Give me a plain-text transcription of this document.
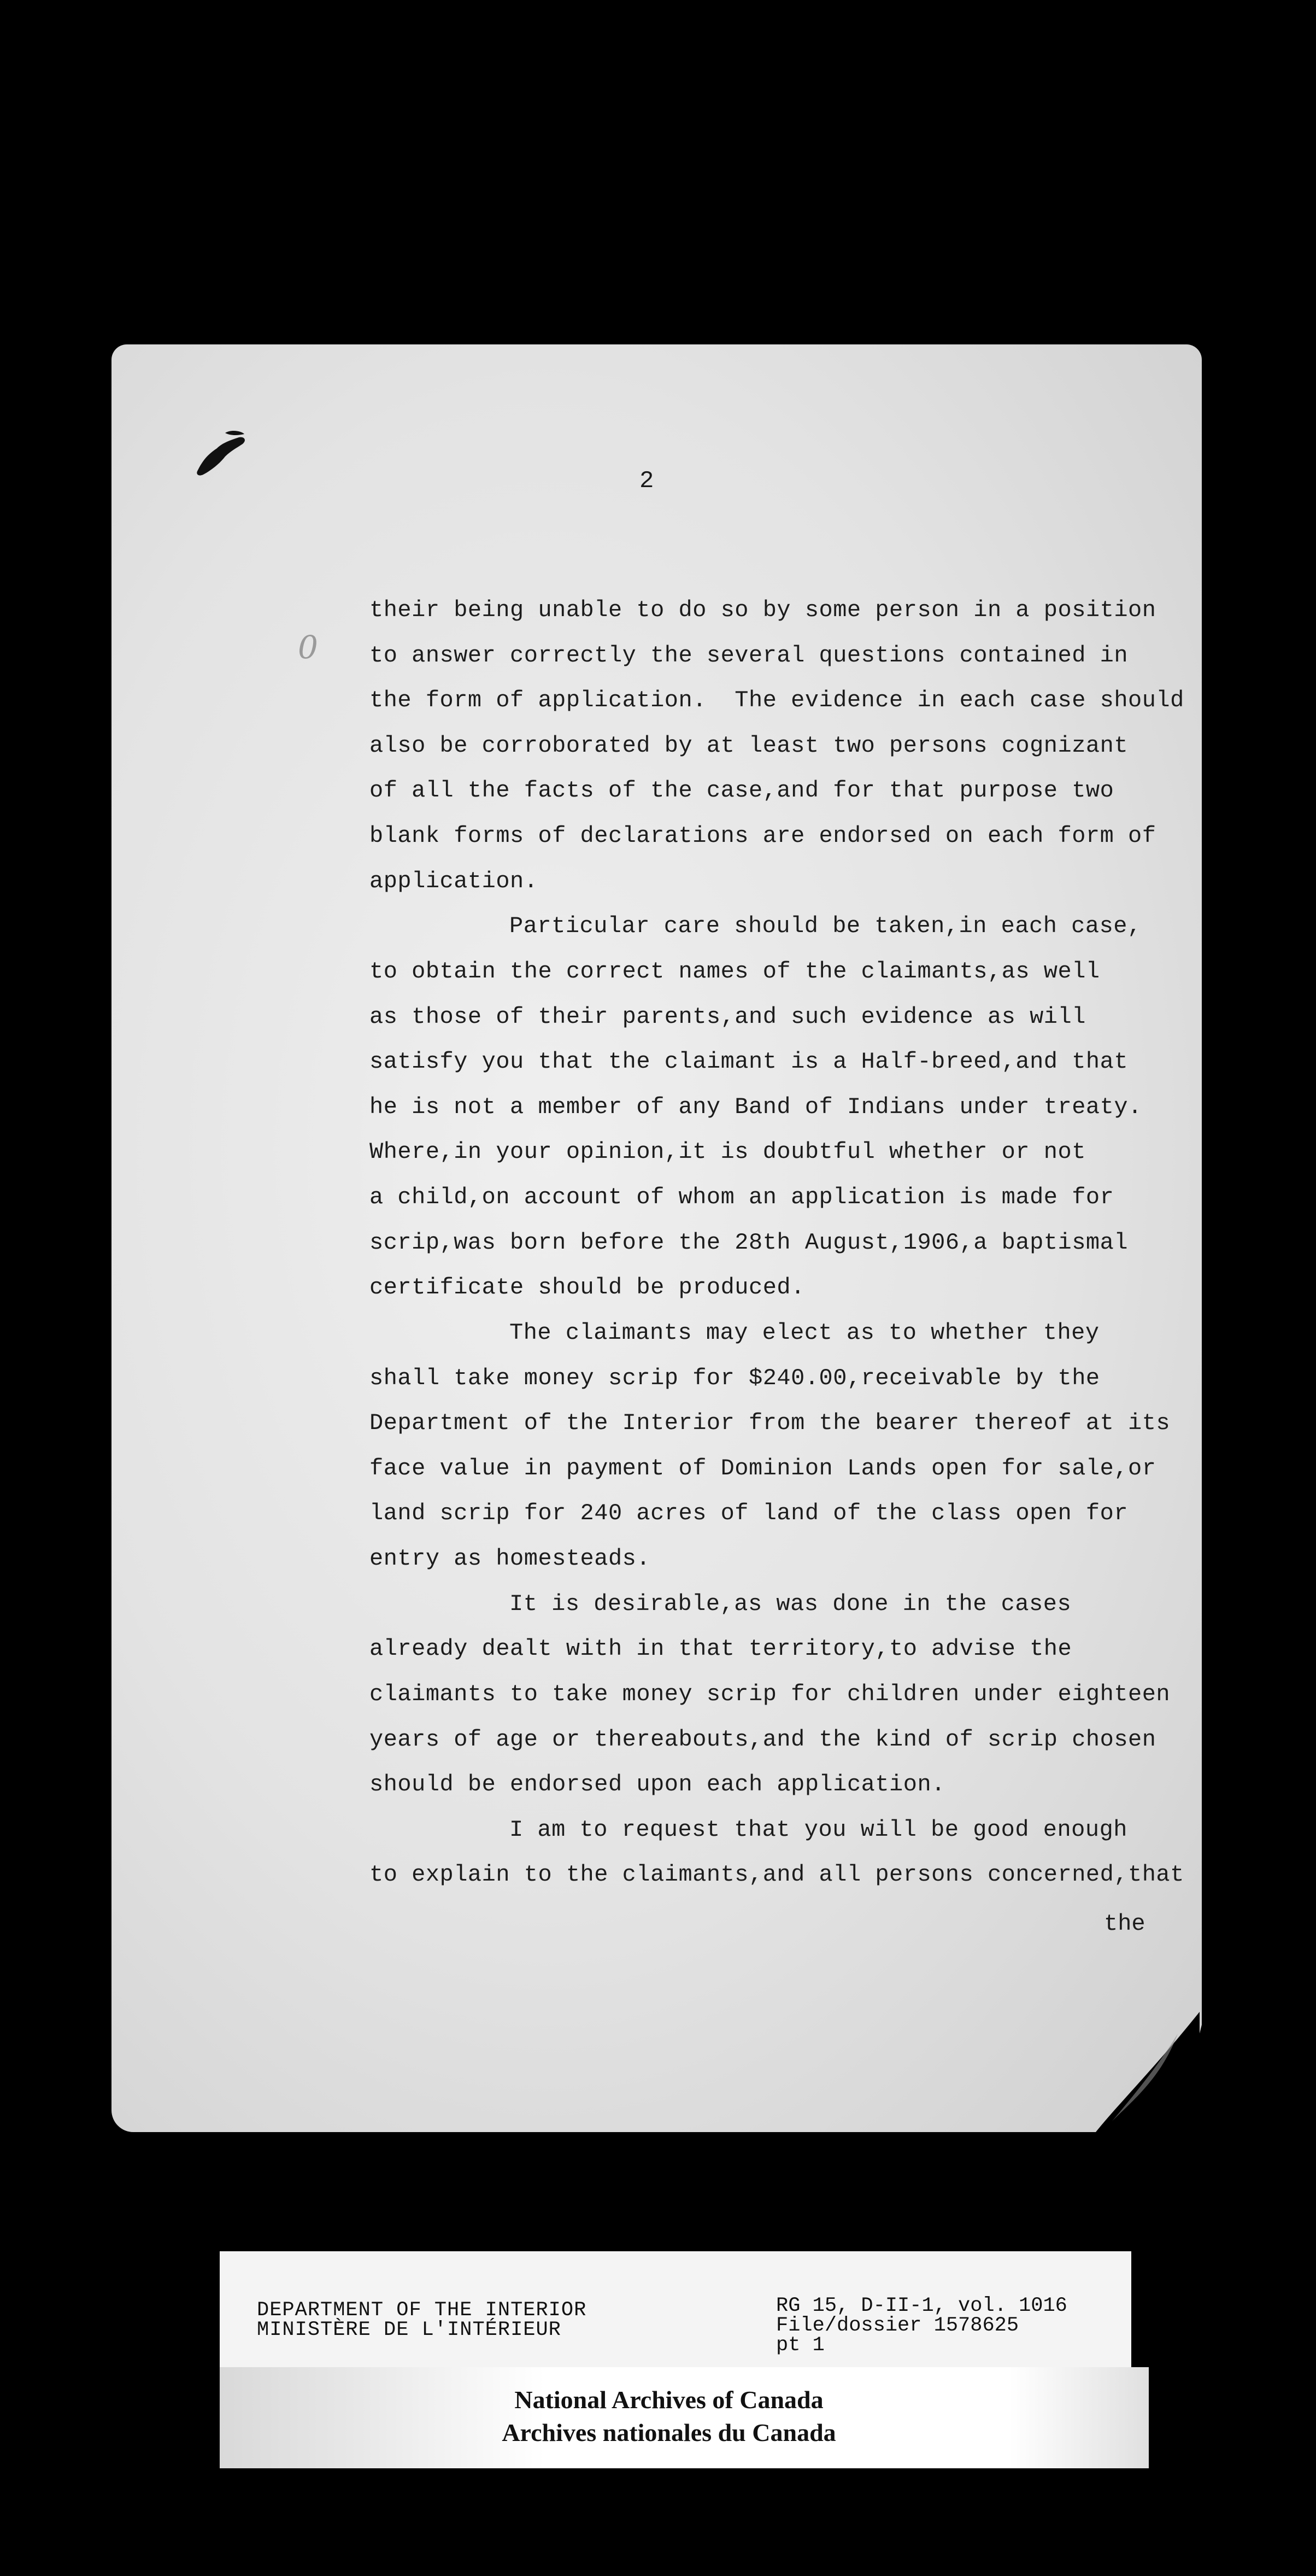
2
0
their being unable to do so by some person in a position
to answer correctly the several questions contained in
the form of application.  The evidence in each case should
also be corroborated by at least two persons cognizant
of all the facts of the case,and for that purpose two
blank forms of declarations are endorsed on each form of
application.
Particular care should be taken,in each case,
to obtain the correct names of the claimants,as well
as those of their parents,and such evidence as will
satisfy you that the claimant is a Half-breed,and that
he is not a member of any Band of Indians under treaty.
Where,in your opinion,it is doubtful whether or not
a child,on account of whom an application is made for
scrip,was born before the 28th August,1906,a baptismal
certificate should be produced.
The claimants may elect as to whether they
shall take money scrip for $240.00,receivable by the
Department of the Interior from the bearer thereof at its
face value in payment of Dominion Lands open for sale,or
land scrip for 240 acres of land of the class open for
entry as homesteads.
It is desirable,as was done in the cases
already dealt with in that territory,to advise the
claimants to take money scrip for children under eighteen
years of age or thereabouts,and the kind of scrip chosen
should be endorsed upon each application.
I am to request that you will be good enough
to explain to the claimants,and all persons concerned,that
the
DEPARTMENT OF THE INTERIOR
MINISTÈRE DE L'INTÉRIEUR
RG 15, D-II-1, vol. 1016
File/dossier 1578625
pt 1
National Archives of Canada
Archives nationales du Canada
